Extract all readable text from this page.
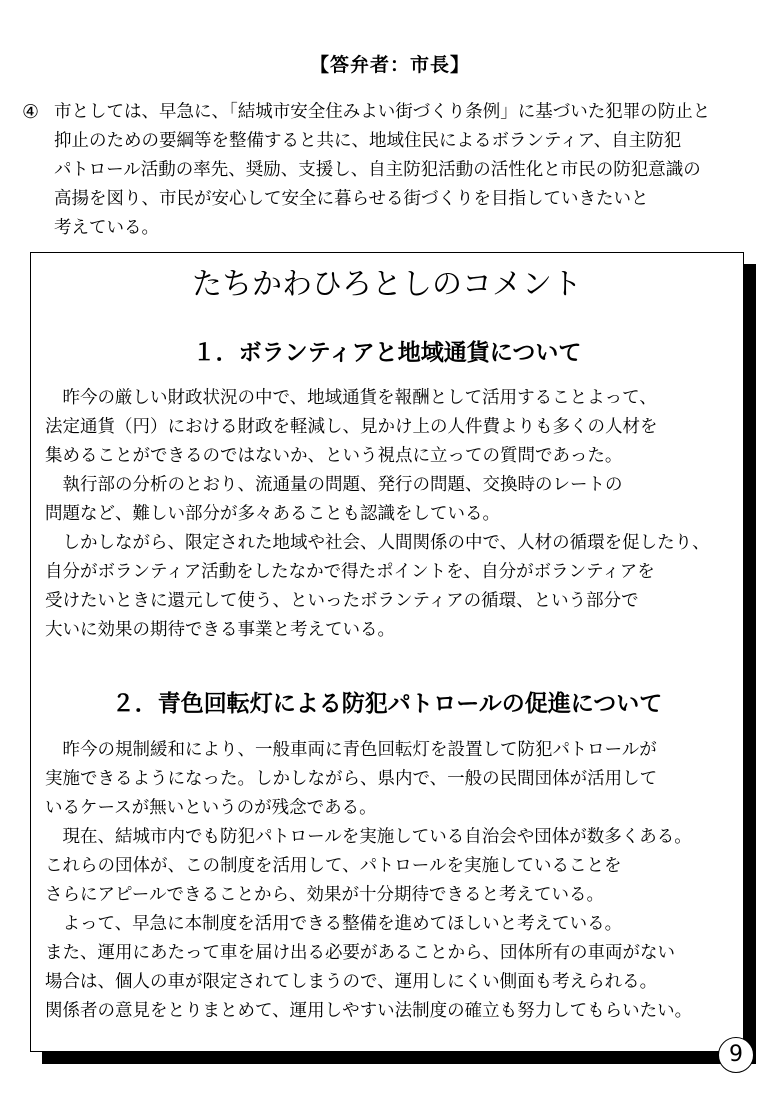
【答弁者：市長】
④ 市としては、早急に、「結城市安全住みよい街づくり条例」に基づいた犯罪の防止と
抑止のための要綱等を整備すると共に、地域住民によるボランティア、自主防犯
パトロール活動の率先、奨励、支援し、自主防犯活動の活性化と市民の防犯意識の
高揚を図り、市民が安心して安全に暮らせる街づくりを目指していきたいと
考えている。
たちかわひろとしのコメント
１．ボランティアと地域通貨について
　昨今の厳しい財政状況の中で、地域通貨を報酬として活用することよって、
法定通貨（円）における財政を軽減し、見かけ上の人件費よりも多くの人材を
集めることができるのではないか、という視点に立っての質問であった。
　執行部の分析のとおり、流通量の問題、発行の問題、交換時のレートの
問題など、難しい部分が多々あることも認識をしている。
　しかしながら、限定された地域や社会、人間関係の中で、人材の循環を促したり、
自分がボランティア活動をしたなかで得たポイントを、自分がボランティアを
受けたいときに還元して使う、といったボランティアの循環、という部分で
大いに効果の期待できる事業と考えている。
２．青色回転灯による防犯パトロールの促進について
　昨今の規制緩和により、一般車両に青色回転灯を設置して防犯パトロールが
実施できるようになった。しかしながら、県内で、一般の民間団体が活用して
いるケースが無いというのが残念である。
　現在、結城市内でも防犯パトロールを実施している自治会や団体が数多くある。
これらの団体が、この制度を活用して、パトロールを実施していることを
さらにアピールできることから、効果が十分期待できると考えている。
　よって、早急に本制度を活用できる整備を進めてほしいと考えている。
また、運用にあたって車を届け出る必要があることから、団体所有の車両がない
場合は、個人の車が限定されてしまうので、運用しにくい側面も考えられる。
関係者の意見をとりまとめて、運用しやすい法制度の確立も努力してもらいたい。
9
